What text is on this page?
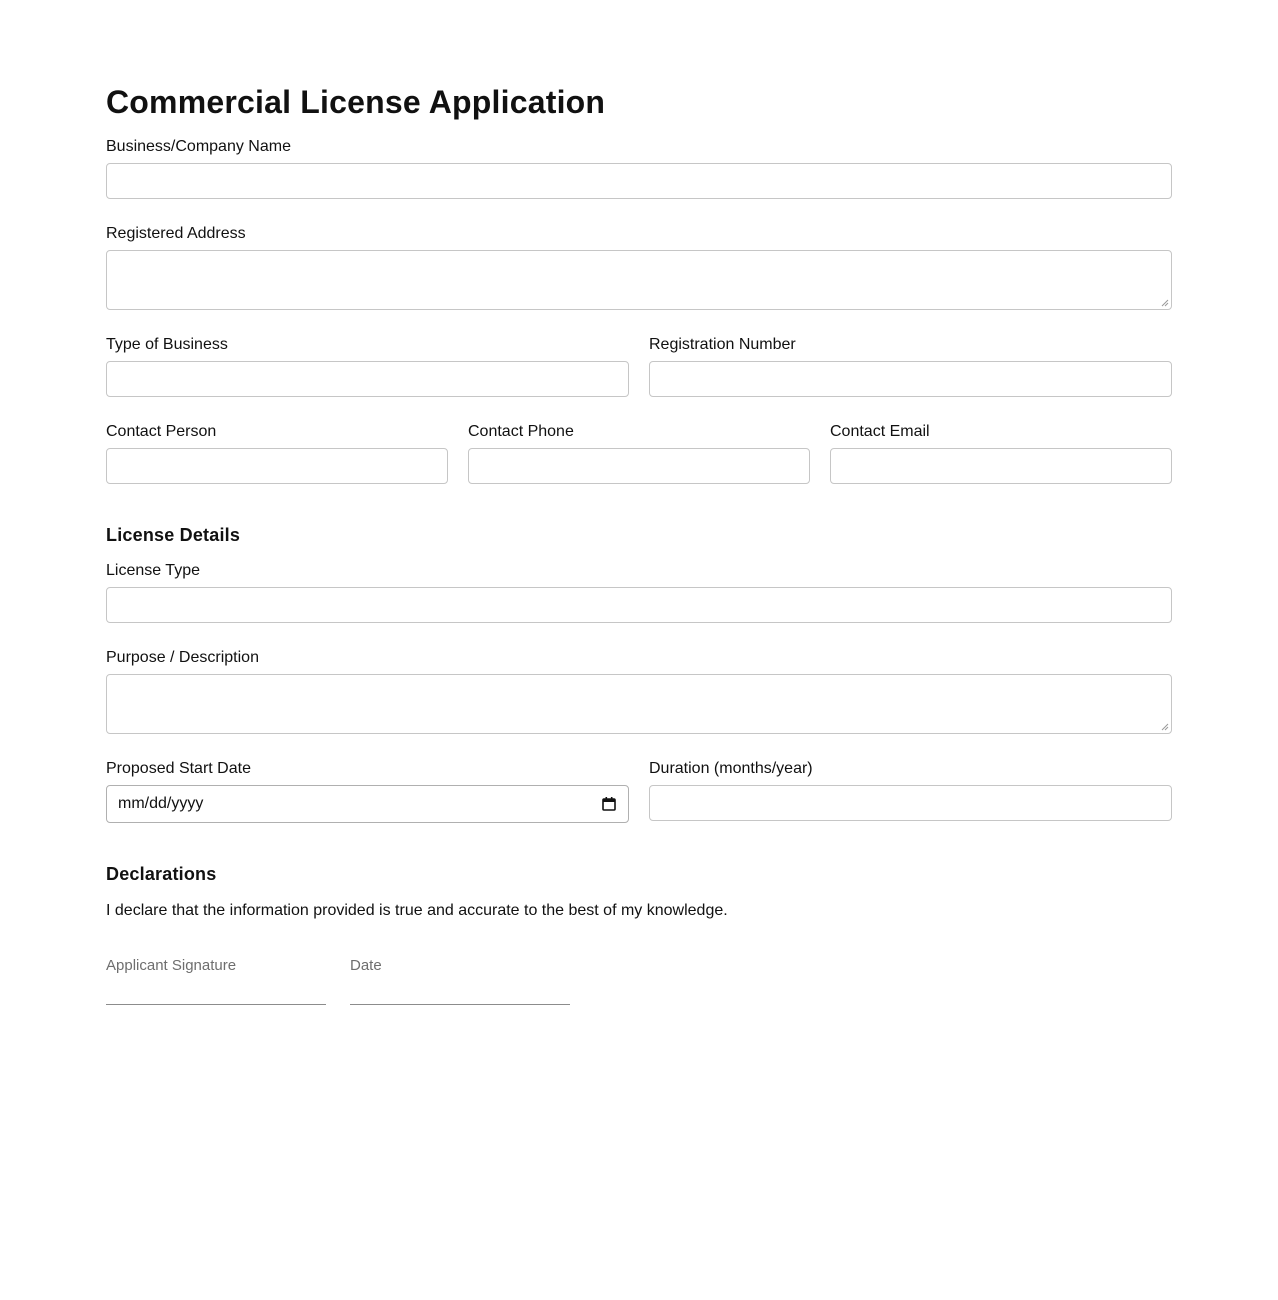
Commercial License Application
Business/Company Name
Registered Address
Type of Business	Registration Number
Contact Person	Contact Phone	Contact Email
License Details
License Type
Purpose / Description
Proposed Start Date
mm/dd/yyyy
Duration (months/year)
Declarations

I declare that the information provided is true and accurate to the best of my knowledge.

Applicant Signature	Date
